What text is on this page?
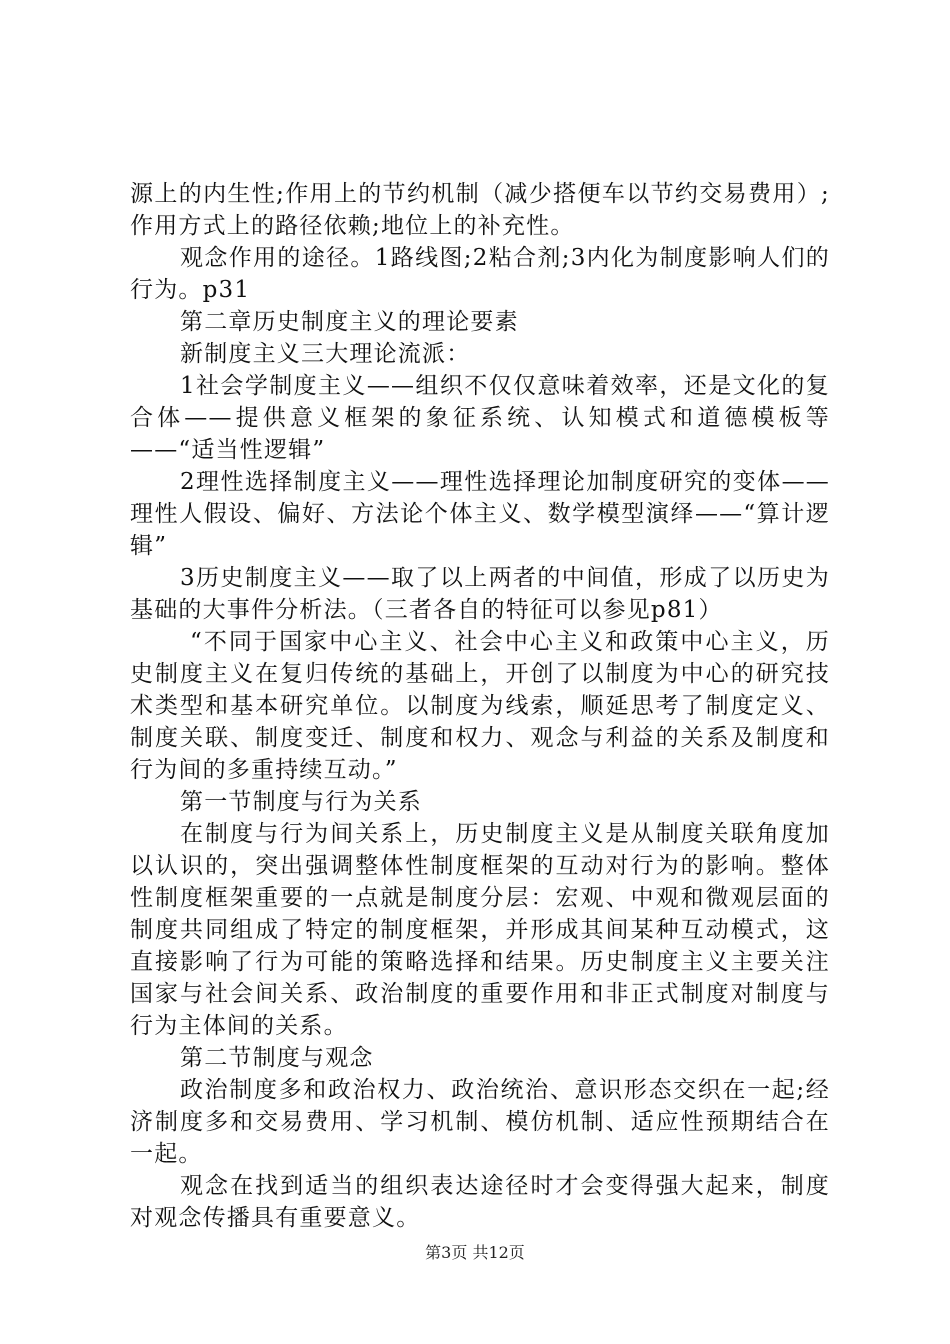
源上的内生性;作用上的节约机制（减少搭便车以节约交易费用）;作用方式上的路径依赖;地位上的补充性。

观念作用的途径。1路线图;2粘合剂;3内化为制度影响人们的行为。p31

第二章历史制度主义的理论要素

新制度主义三大理论流派：

1社会学制度主义——组织不仅仅意味着效率，还是文化的复合体——提供意义框架的象征系统、认知模式和道德模板等——“适当性逻辑”

2理性选择制度主义——理性选择理论加制度研究的变体——理性人假设、偏好、方法论个体主义、数学模型演绎——“算计逻辑”

3历史制度主义——取了以上两者的中间值，形成了以历史为基础的大事件分析法。（三者各自的特征可以参见p81）

“不同于国家中心主义、社会中心主义和政策中心主义，历史制度主义在复归传统的基础上，开创了以制度为中心的研究技术类型和基本研究单位。以制度为线索，顺延思考了制度定义、制度关联、制度变迁、制度和权力、观念与利益的关系及制度和行为间的多重持续互动。”

第一节制度与行为关系

在制度与行为间关系上，历史制度主义是从制度关联角度加以认识的，突出强调整体性制度框架的互动对行为的影响。整体性制度框架重要的一点就是制度分层：宏观、中观和微观层面的制度共同组成了特定的制度框架，并形成其间某种互动模式，这直接影响了行为可能的策略选择和结果。历史制度主义主要关注国家与社会间关系、政治制度的重要作用和非正式制度对制度与行为主体间的关系。

第二节制度与观念

政治制度多和政治权力、政治统治、意识形态交织在一起;经济制度多和交易费用、学习机制、模仿机制、适应性预期结合在一起。

观念在找到适当的组织表达途径时才会变得强大起来，制度对观念传播具有重要意义。

第3页 共12页
